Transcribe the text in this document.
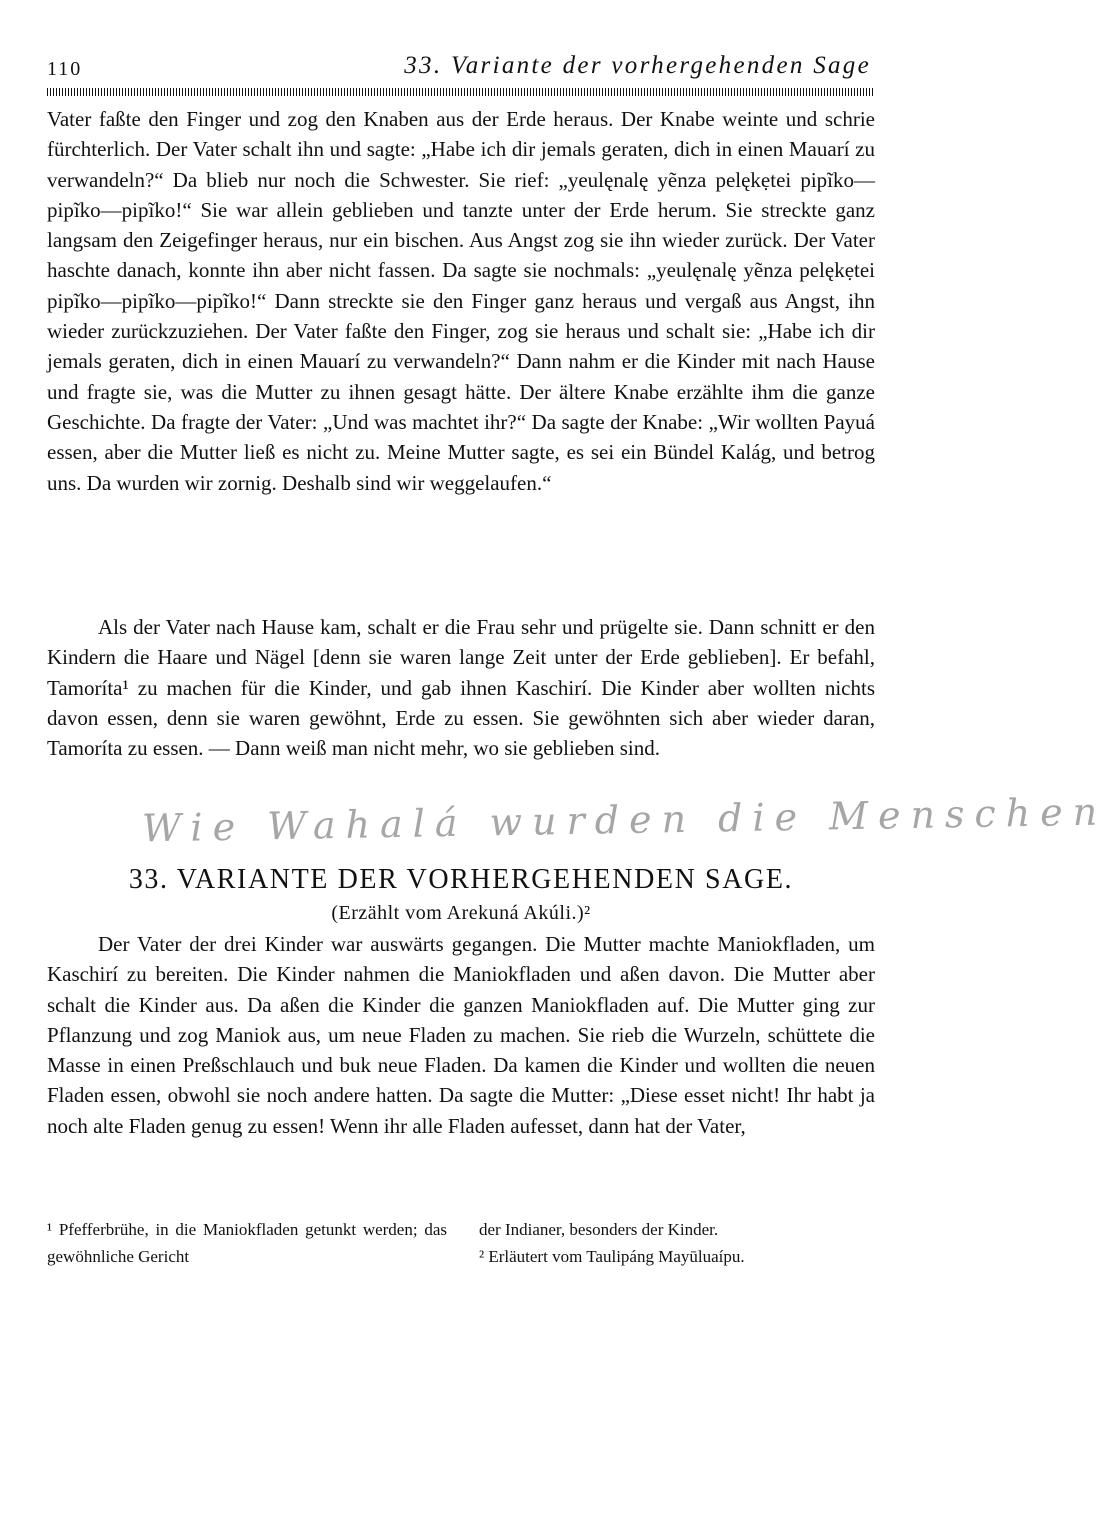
110	33. Variante der vorhergehenden Sage
Vater faßte den Finger und zog den Knaben aus der Erde heraus. Der Knabe weinte und schrie fürchterlich. Der Vater schalt ihn und sagte: „Habe ich dir jemals geraten, dich in einen Mauarí zu verwandeln?“ Da blieb nur noch die Schwester. Sie rief: „yeulęnalę yẽnza pelękẹtei pipĩko—pipĩko—pipĩko!“ Sie war allein geblieben und tanzte unter der Erde herum. Sie streckte ganz langsam den Zeigefinger heraus, nur ein bischen. Aus Angst zog sie ihn wieder zurück. Der Vater haschte danach, konnte ihn aber nicht fassen. Da sagte sie nochmals: „yeulęnalę yẽnza pelękẹtei pipĩko—pipĩko—pipĩko!“ Dann streckte sie den Finger ganz heraus und vergaß aus Angst, ihn wieder zurückzuziehen. Der Vater faßte den Finger, zog sie heraus und schalt sie: „Habe ich dir jemals geraten, dich in einen Mauarí zu verwandeln?“ Dann nahm er die Kinder mit nach Hause und fragte sie, was die Mutter zu ihnen gesagt hätte. Der ältere Knabe erzählte ihm die ganze Geschichte. Da fragte der Vater: „Und was machtet ihr?“ Da sagte der Knabe: „Wir wollten Payuá essen, aber die Mutter ließ es nicht zu. Meine Mutter sagte, es sei ein Bündel Kalág, und betrog uns. Da wurden wir zornig. Deshalb sind wir weggelaufen.“
Als der Vater nach Hause kam, schalt er die Frau sehr und prügelte sie. Dann schnitt er den Kindern die Haare und Nägel [denn sie waren lange Zeit unter der Erde geblieben]. Er befahl, Tamoríta¹ zu machen für die Kinder, und gab ihnen Kaschirí. Die Kinder aber wollten nichts davon essen, denn sie waren gewöhnt, Erde zu essen. Sie gewöhnten sich aber wieder daran, Tamoríta zu essen. — Dann weiß man nicht mehr, wo sie geblieben sind.
Wie Wahalá wurden die Menschen
33. VARIANTE DER VORHERGEHENDEN SAGE.
(Erzählt vom Arekuná Akúli.)²
Der Vater der drei Kinder war auswärts gegangen. Die Mutter machte Maniokfladen, um Kaschirí zu bereiten. Die Kinder nahmen die Maniokfladen und aßen davon. Die Mutter aber schalt die Kinder aus. Da aßen die Kinder die ganzen Maniokfladen auf. Die Mutter ging zur Pflanzung und zog Maniok aus, um neue Fladen zu machen. Sie rieb die Wurzeln, schüttete die Masse in einen Preßschlauch und buk neue Fladen. Da kamen die Kinder und wollten die neuen Fladen essen, obwohl sie noch andere hatten. Da sagte die Mutter: „Diese esset nicht! Ihr habt ja noch alte Fladen genug zu essen! Wenn ihr alle Fladen aufesset, dann hat der Vater,
¹ Pfefferbrühe, in die Maniokfladen getunkt werden; das gewöhnliche Gericht
der Indianer, besonders der Kinder.
² Erläutert vom Taulipáng Mayūluaípu.
